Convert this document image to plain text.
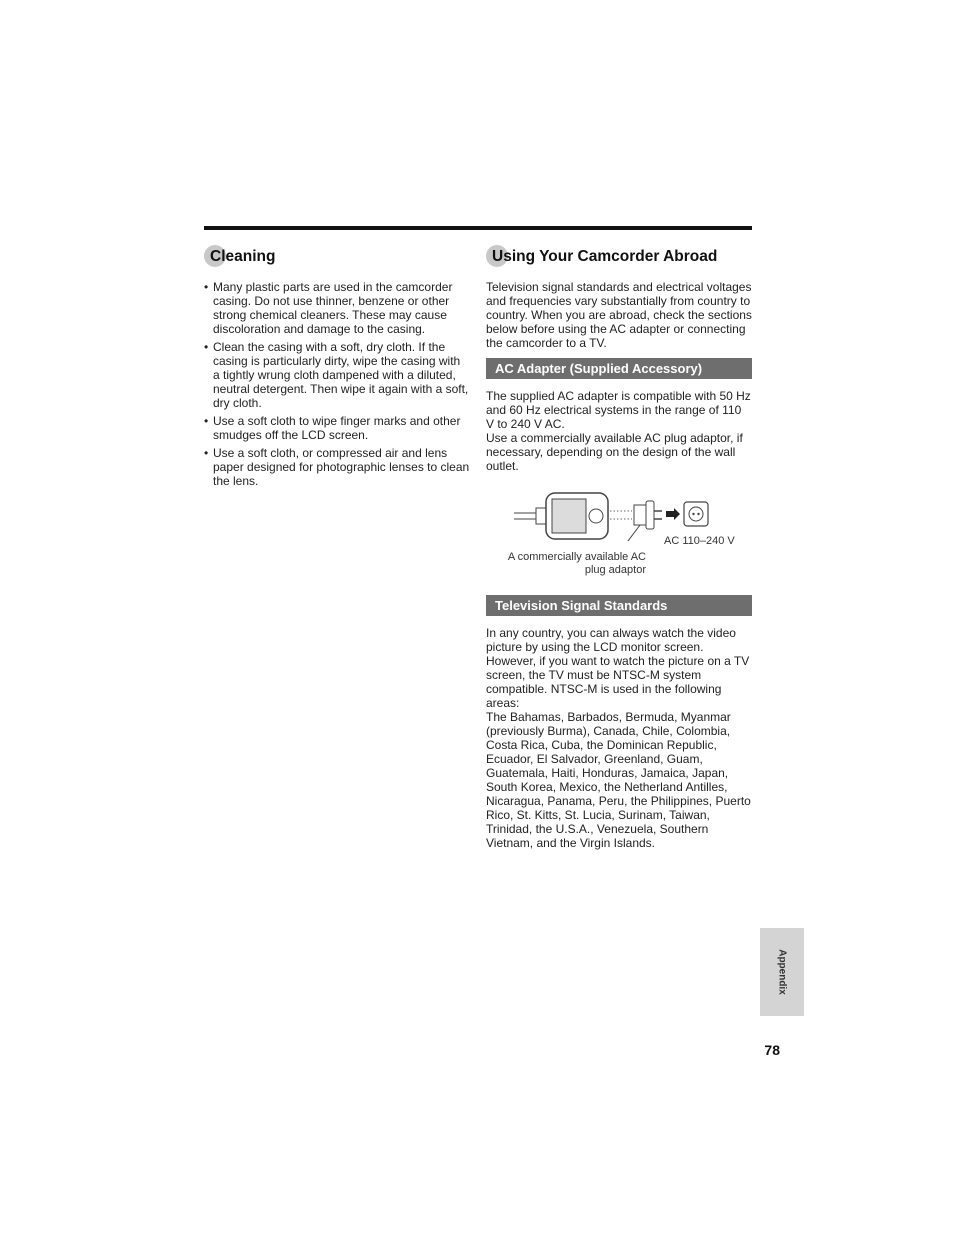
Cleaning
• Many plastic parts are used in the camcorder casing. Do not use thinner, benzene or other strong chemical cleaners. These may cause discoloration and damage to the casing.
• Clean the casing with a soft, dry cloth. If the casing is particularly dirty, wipe the casing with a tightly wrung cloth dampened with a diluted, neutral detergent. Then wipe it again with a soft, dry cloth.
• Use a soft cloth to wipe finger marks and other smudges off the LCD screen.
• Use a soft cloth, or compressed air and lens paper designed for photographic lenses to clean the lens.
Using Your Camcorder Abroad

Television signal standards and electrical voltages and frequencies vary substantially from country to country. When you are abroad, check the sections below before using the AC adapter or connecting the camcorder to a TV.

AC Adapter (Supplied Accessory)

The supplied AC adapter is compatible with 50 Hz and 60 Hz electrical systems in the range of 110 V to 240 V AC.
Use a commercially available AC plug adaptor, if necessary, depending on the design of the wall outlet.

AC 110–240 V
A commercially available AC plug adaptor
Television Signal Standards

In any country, you can always watch the video picture by using the LCD monitor screen. However, if you want to watch the picture on a TV screen, the TV must be NTSC-M system compatible. NTSC-M is used in the following areas:
The Bahamas, Barbados, Bermuda, Myanmar (previously Burma), Canada, Chile, Colombia, Costa Rica, Cuba, the Dominican Republic, Ecuador, El Salvador, Greenland, Guam, Guatemala, Haiti, Honduras, Jamaica, Japan, South Korea, Mexico, the Netherland Antilles, Nicaragua, Panama, Peru, the Philippines, Puerto Rico, St. Kitts, St. Lucia, Surinam, Taiwan, Trinidad, the U.S.A., Venezuela, Southern Vietnam, and the Virgin Islands.

Appendix
78
